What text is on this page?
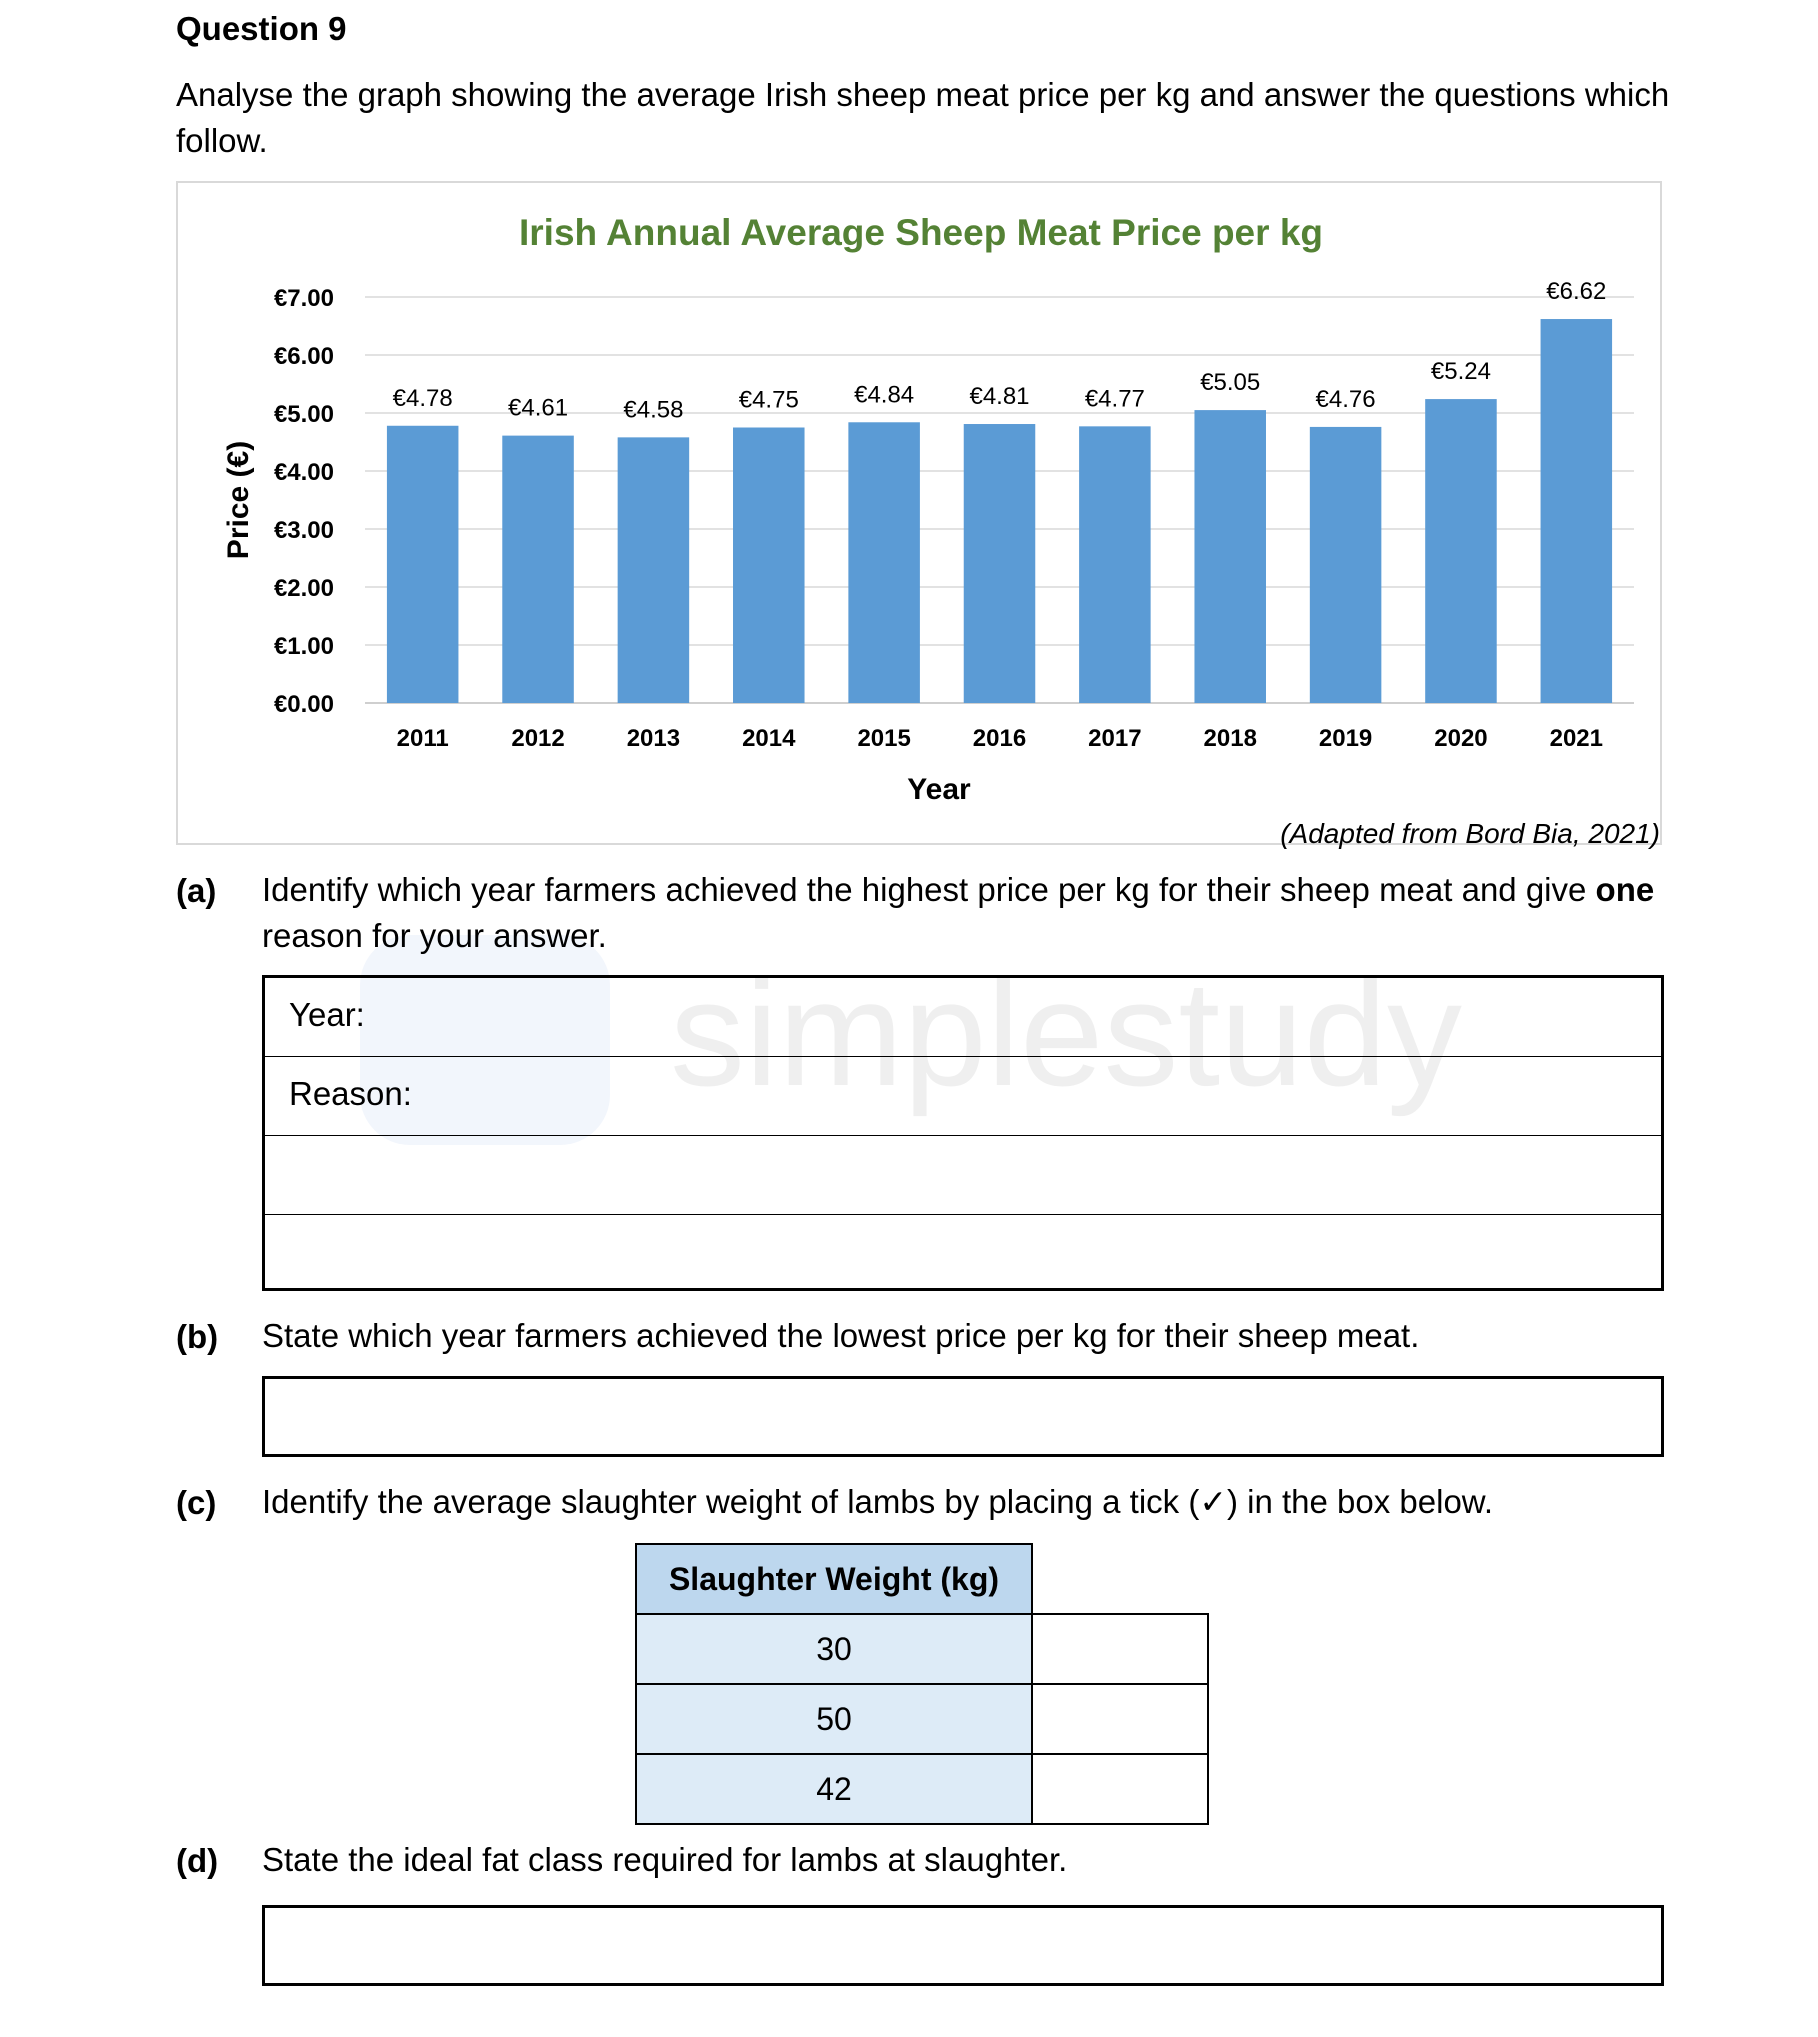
simplestudy
Question 9
Analyse the graph showing the average Irish sheep meat price per kg and answer the questions which follow.
Irish Annual Average Sheep Meat Price per kg
€0.00
€1.00
€2.00
€3.00
€4.00
€5.00
€6.00
€7.00
Price (€)
€4.78
2011
€4.61
2012
€4.58
2013
€4.75
2014
€4.84
2015
€4.81
2016
€4.77
2017
€5.05
2018
€4.76
2019
€5.24
2020
€6.62
2021
Year
(Adapted from Bord Bia, 2021)
(a) Identify which year farmers achieved the highest price per kg for their sheep meat and give one reason for your answer.
Year:
Reason:
(b) State which year farmers achieved the lowest price per kg for their sheep meat.
(c) Identify the average slaughter weight of lambs by placing a tick (✓) in the box below.
Slaughter Weight (kg)	
30	
50	
42	
(d) State the ideal fat class required for lambs at slaughter.
